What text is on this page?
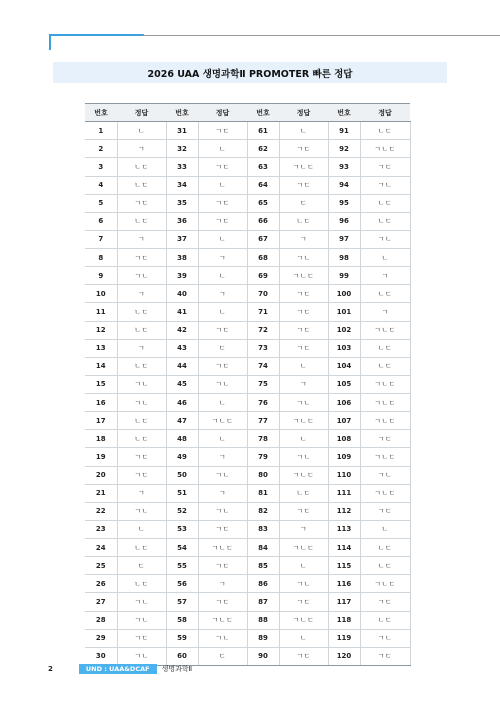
2026 UAA 생명과학Ⅱ PROMOTER 빠른 정답
번호	정답	번호	정답	번호	정답	번호	정답
1	ㄴ	31	ㄱㄷ	61	ㄴ	91	ㄴㄷ
2	ㄱ	32	ㄴ	62	ㄱㄷ	92	ㄱㄴㄷ
3	ㄴㄷ	33	ㄱㄷ	63	ㄱㄴㄷ	93	ㄱㄷ
4	ㄴㄷ	34	ㄴ	64	ㄱㄷ	94	ㄱㄴ
5	ㄱㄷ	35	ㄱㄷ	65	ㄷ	95	ㄴㄷ
6	ㄴㄷ	36	ㄱㄷ	66	ㄴㄷ	96	ㄴㄷ
7	ㄱ	37	ㄴ	67	ㄱ	97	ㄱㄴ
8	ㄱㄷ	38	ㄱ	68	ㄱㄴ	98	ㄴ
9	ㄱㄴ	39	ㄴ	69	ㄱㄴㄷ	99	ㄱ
10	ㄱ	40	ㄱ	70	ㄱㄷ	100	ㄴㄷ
11	ㄴㄷ	41	ㄴ	71	ㄱㄷ	101	ㄱ
12	ㄴㄷ	42	ㄱㄷ	72	ㄱㄷ	102	ㄱㄴㄷ
13	ㄱ	43	ㄷ	73	ㄱㄷ	103	ㄴㄷ
14	ㄴㄷ	44	ㄱㄷ	74	ㄴ	104	ㄴㄷ
15	ㄱㄴ	45	ㄱㄴ	75	ㄱ	105	ㄱㄴㄷ
16	ㄱㄴ	46	ㄴ	76	ㄱㄴ	106	ㄱㄴㄷ
17	ㄴㄷ	47	ㄱㄴㄷ	77	ㄱㄴㄷ	107	ㄱㄴㄷ
18	ㄴㄷ	48	ㄴ	78	ㄴ	108	ㄱㄷ
19	ㄱㄷ	49	ㄱ	79	ㄱㄴ	109	ㄱㄴㄷ
20	ㄱㄷ	50	ㄱㄴ	80	ㄱㄴㄷ	110	ㄱㄴ
21	ㄱ	51	ㄱ	81	ㄴㄷ	111	ㄱㄴㄷ
22	ㄱㄴ	52	ㄱㄴ	82	ㄱㄷ	112	ㄱㄷ
23	ㄴ	53	ㄱㄷ	83	ㄱ	113	ㄴ
24	ㄴㄷ	54	ㄱㄴㄷ	84	ㄱㄴㄷ	114	ㄴㄷ
25	ㄷ	55	ㄱㄷ	85	ㄴ	115	ㄴㄷ
26	ㄴㄷ	56	ㄱ	86	ㄱㄴ	116	ㄱㄴㄷ
27	ㄱㄴ	57	ㄱㄷ	87	ㄱㄷ	117	ㄱㄷ
28	ㄱㄴ	58	ㄱㄴㄷ	88	ㄱㄴㄷ	118	ㄴㄷ
29	ㄱㄷ	59	ㄱㄴ	89	ㄴ	119	ㄱㄴ
30	ㄱㄴ	60	ㄷ	90	ㄱㄷ	120	ㄱㄷ
2	UND : UAA&DCAF	생명과학Ⅱ
